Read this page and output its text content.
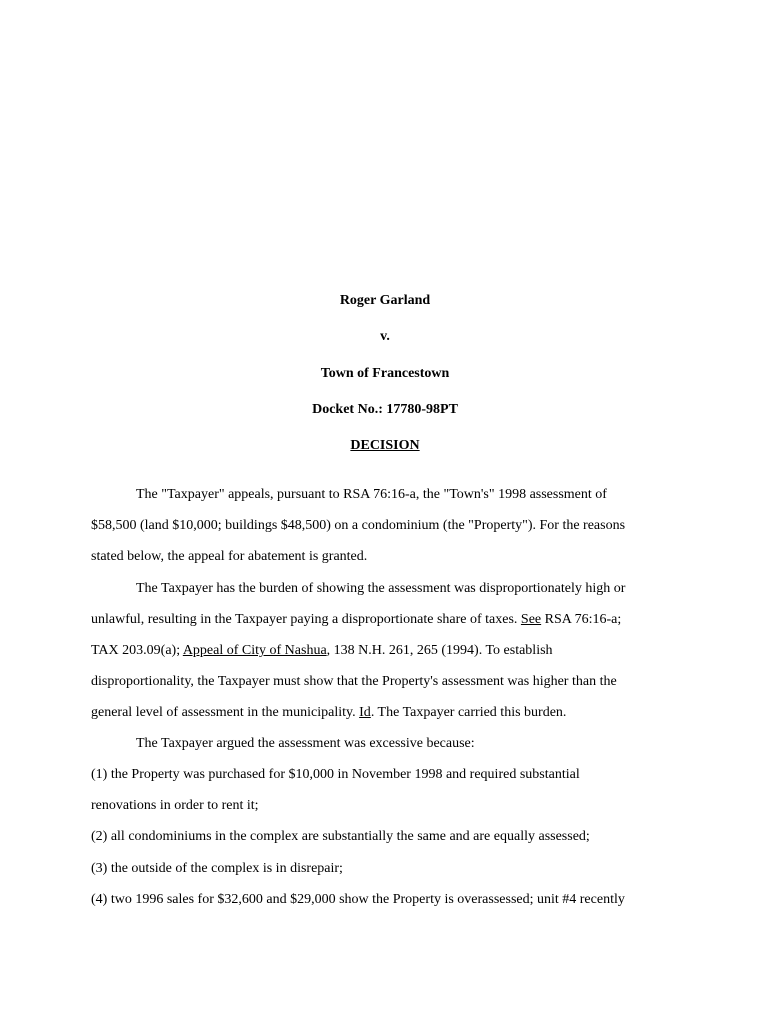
Roger Garland
v.
Town of Francestown
Docket No.: 17780-98PT
DECISION
The "Taxpayer" appeals, pursuant to RSA 76:16-a, the "Town's" 1998 assessment of
$58,500 (land $10,000; buildings $48,500) on a condominium (the "Property"). For the reasons
stated below, the appeal for abatement is granted.
The Taxpayer has the burden of showing the assessment was disproportionately high or
unlawful, resulting in the Taxpayer paying a disproportionate share of taxes. See RSA 76:16-a;
TAX 203.09(a); Appeal of City of Nashua, 138 N.H. 261, 265 (1994). To establish
disproportionality, the Taxpayer must show that the Property's assessment was higher than the
general level of assessment in the municipality. Id. The Taxpayer carried this burden.
The Taxpayer argued the assessment was excessive because:
(1) the Property was purchased for $10,000 in November 1998 and required substantial
renovations in order to rent it;
(2) all condominiums in the complex are substantially the same and are equally assessed;
(3) the outside of the complex is in disrepair;
(4) two 1996 sales for $32,600 and $29,000 show the Property is overassessed; unit #4 recently
